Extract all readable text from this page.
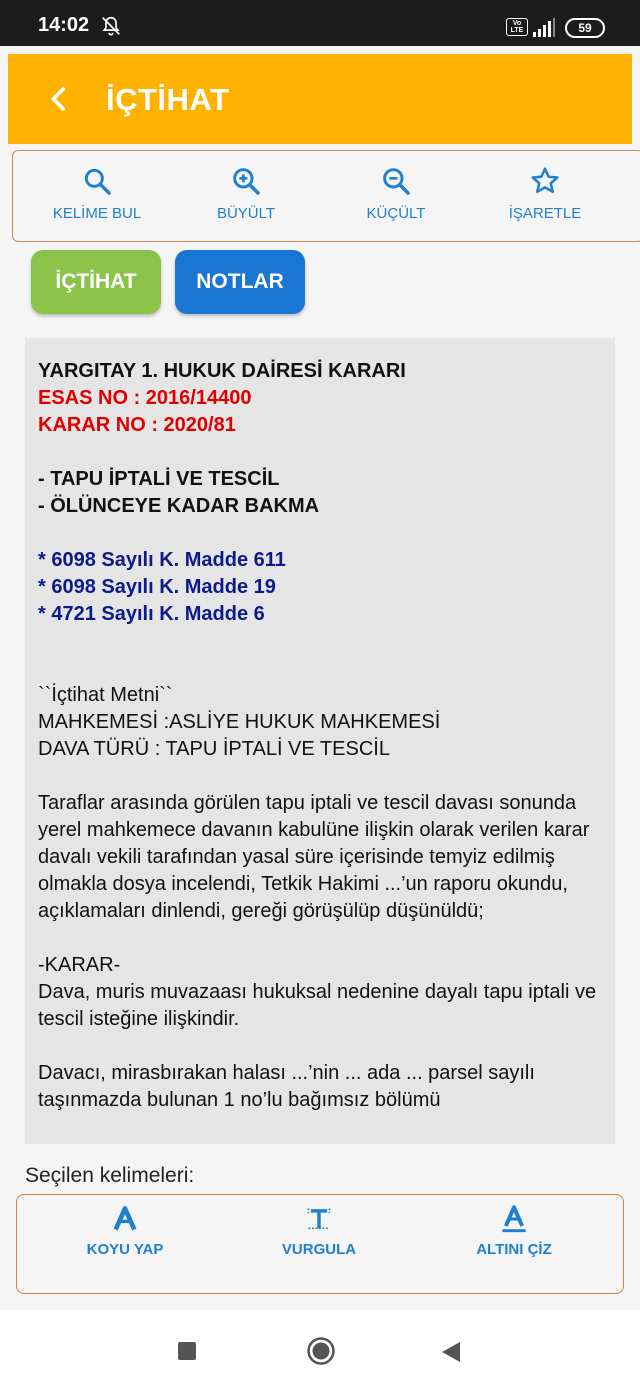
14:02	Vo LTE	59
İÇTİHAT
KELİME BUL	BÜYÜLT	KÜÇÜLT	İŞARETLE
İÇTİHAT	NOTLAR

YARGITAY 1. HUKUK DAİRESİ KARARI

ESAS NO : 2016/14400

KARAR NO : 2020/81

- TAPU İPTALİ VE TESCİL

- ÖLÜNCEYE KADAR BAKMA

* 6098 Sayılı K. Madde 611

* 6098 Sayılı K. Madde 19

* 4721 Sayılı K. Madde 6

``İçtihat Metni``

MAHKEMESİ :ASLİYE HUKUK MAHKEMESİ

DAVA TÜRÜ : TAPU İPTALİ VE TESCİL

Taraflar arasında görülen tapu iptali ve tescil davası sonunda yerel mahkemece davanın kabulüne ilişkin olarak verilen karar davalı vekili tarafından yasal süre içerisinde temyiz edilmiş olmakla dosya incelendi, Tetkik Hakimi ...’un raporu okundu, açıklamaları dinlendi, gereği görüşülüp düşünüldü;

-KARAR-

Dava, muris muvazaası hukuksal nedenine dayalı tapu iptali ve tescil isteğine ilişkindir.

Davacı, mirasbırakan halası ...’nin ... ada ... parsel sayılı taşınmazda bulunan 1 no’lu bağımsız bölümü

Seçilen kelimeleri:
KOYU YAP	VURGULA	ALTINI ÇİZ
